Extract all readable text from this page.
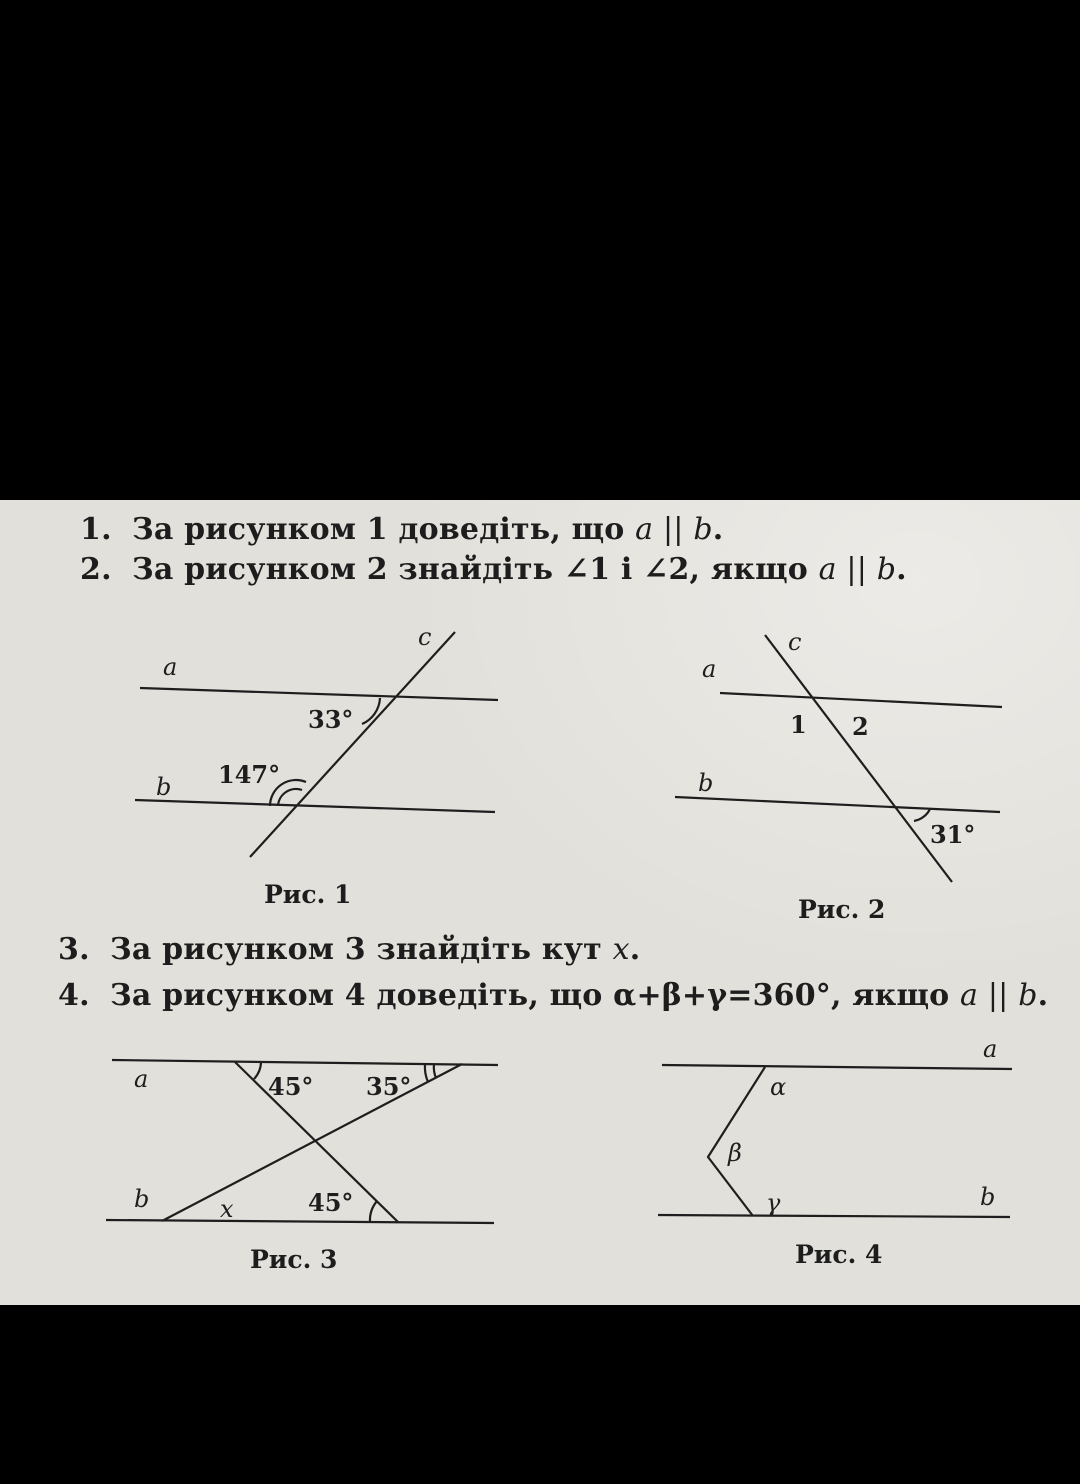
1. За рисунком 1 доведіть, що a || b.
2. За рисунком 2 знайдіть ∠1 і ∠2, якщо a || b.
a
b
c
33°
147°
Рис. 1
a
b
c
1 2
31°
Рис. 2
3. За рисунком 3 знайдіть кут x.
4. За рисунком 4 доведіть, що α+β+γ=360°, якщо a || b.
a
b
45° 35°
45°
x
Рис. 3
a
b
α
β
γ
Рис. 4
